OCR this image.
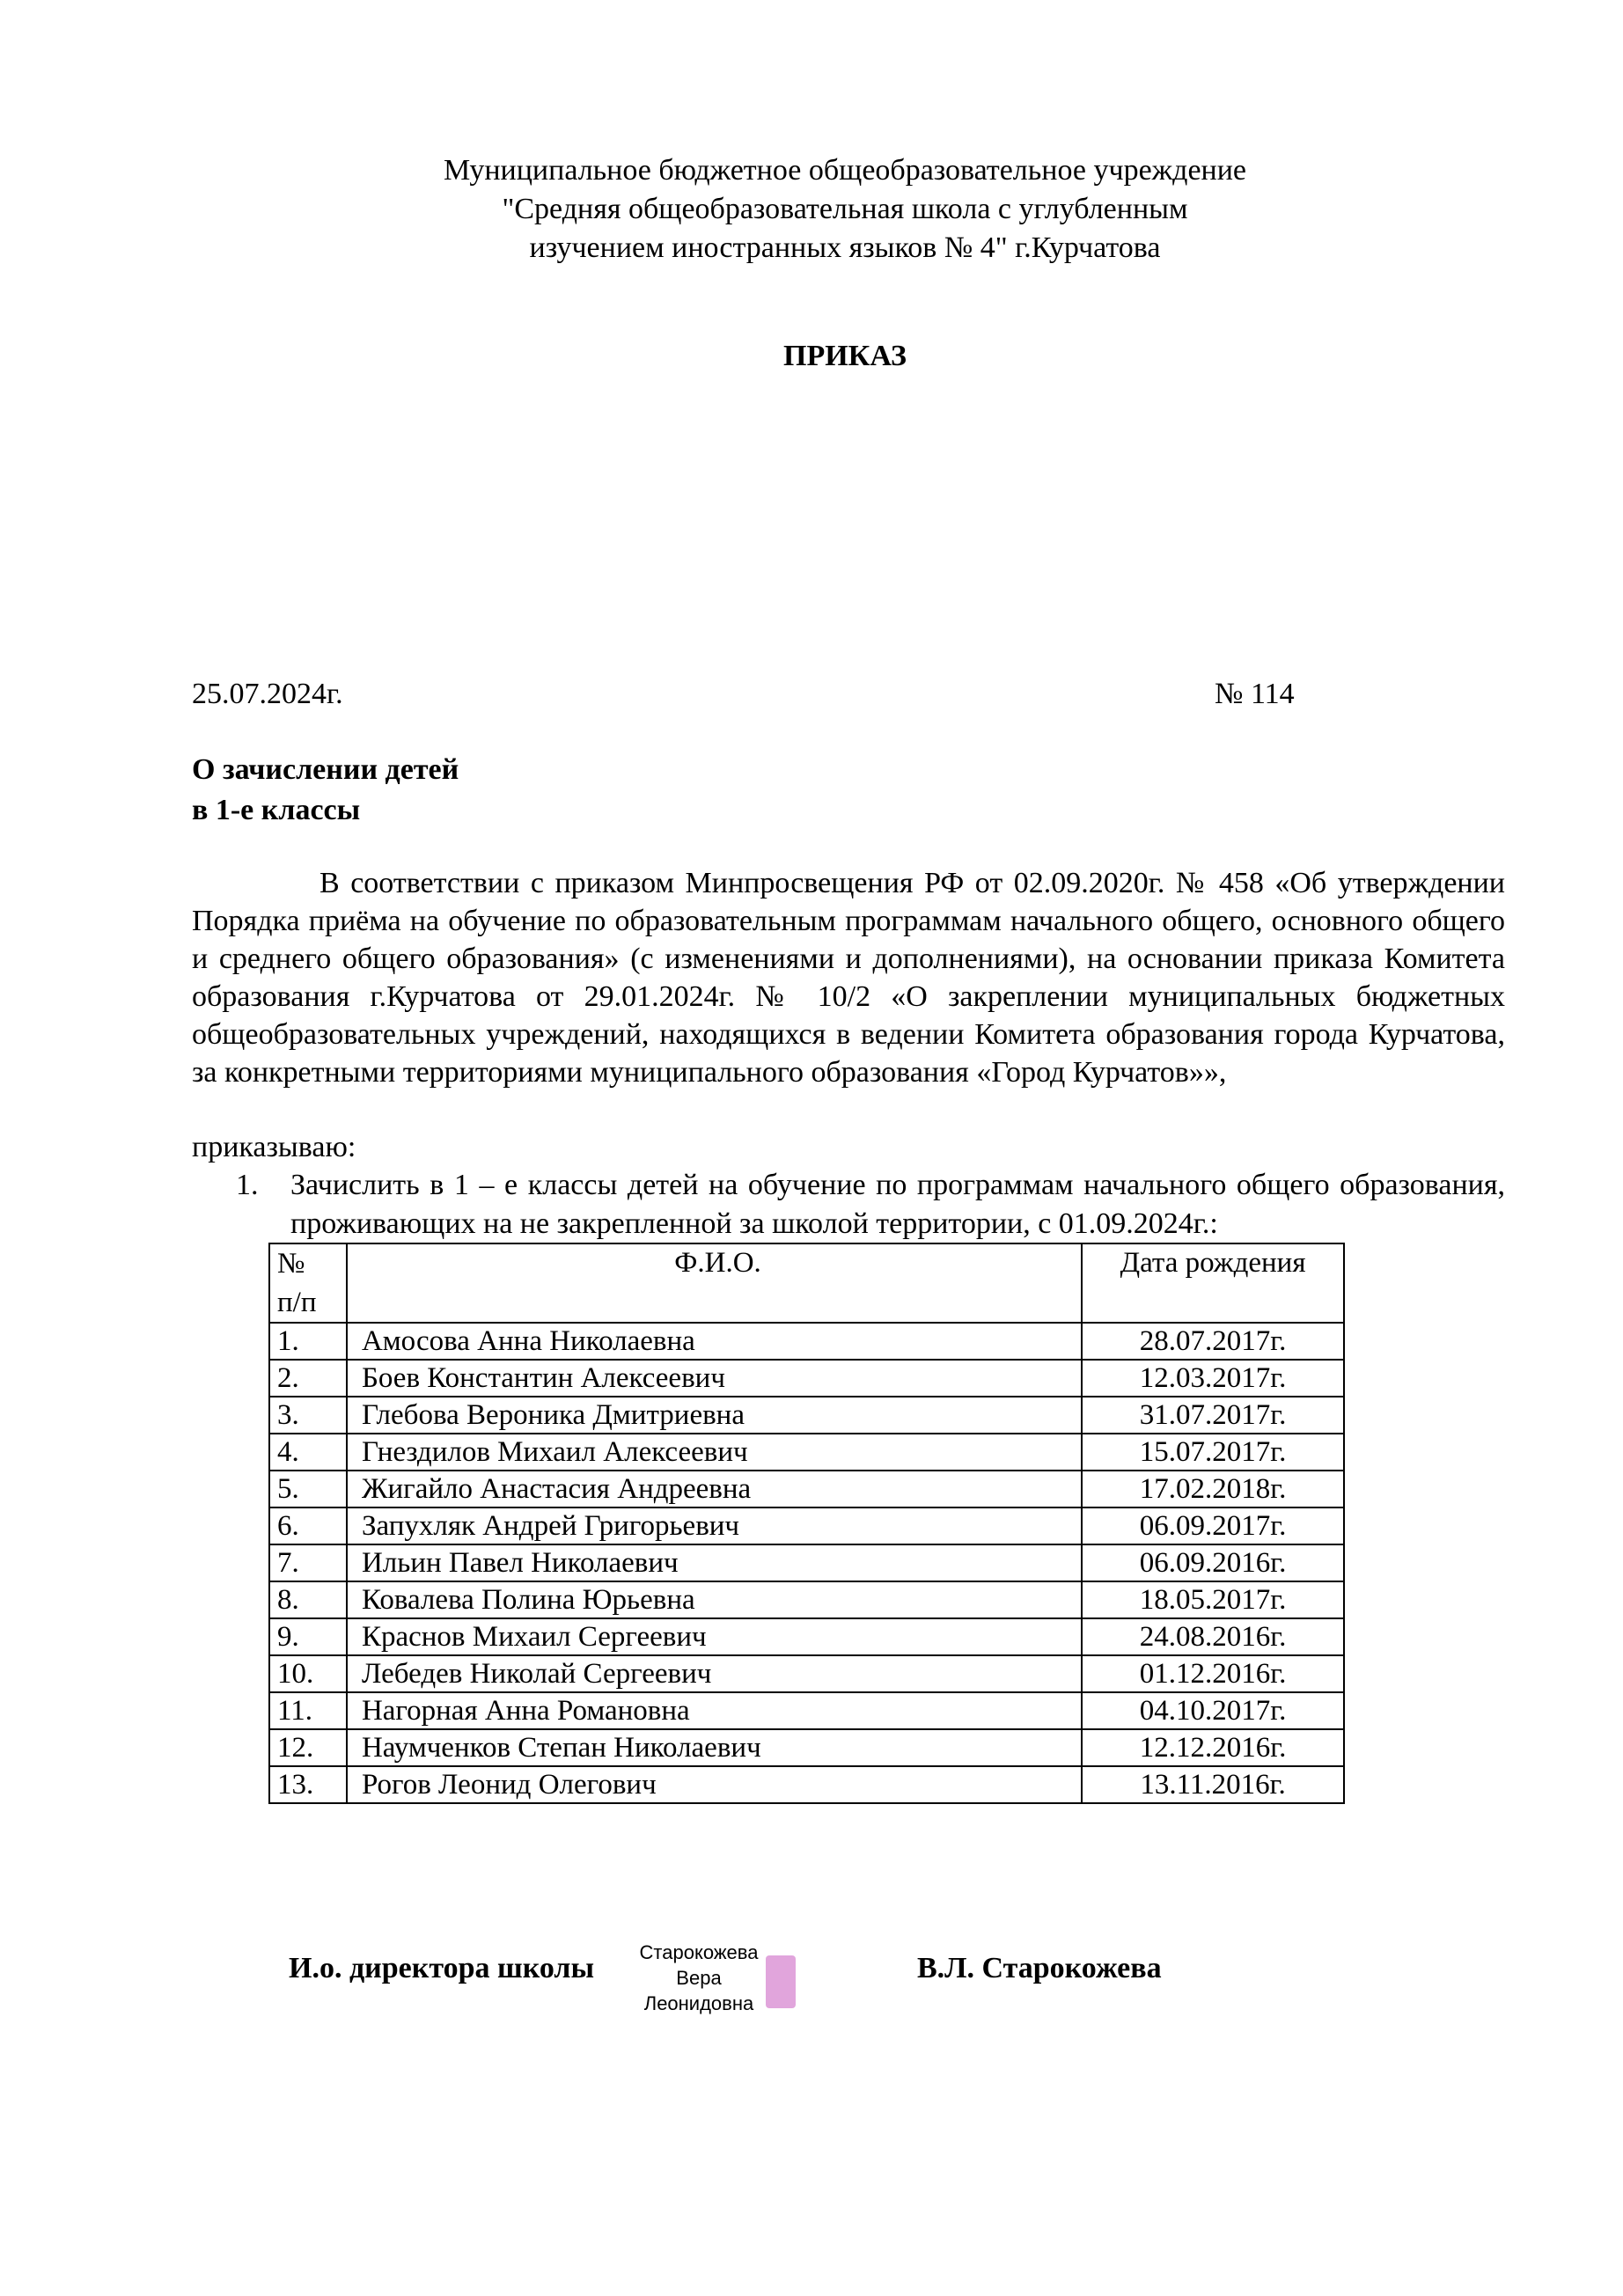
Муниципальное бюджетное общеобразовательное учреждение
"Средняя общеобразовательная школа с углубленным
изучением иностранных языков № 4" г.Курчатова
ПРИКАЗ
25.07.2024г.	№ 114
О зачислении детей
в 1-е классы
В соответствии с приказом Минпросвещения РФ от 02.09.2020г. № 458 «Об утверждении Порядка приёма на обучение по образовательным программам начального общего, основного общего и среднего общего образования» (с изменениями и дополнениями), на основании приказа Комитета образования г.Курчатова от 29.01.2024г. № 10/2 «О закреплении муниципальных бюджетных общеобразовательных учреждений, находящихся в ведении Комитета образования города Курчатова, за конкретными территориями муниципального образования «Город Курчатов»»,
приказываю:
1. Зачислить в 1 – е классы детей на обучение по программам начального общего образования, проживающих на не закрепленной за школой территории, с 01.09.2024г.:
№
п/п	Ф.И.О.	Дата рождения
1.	Амосова Анна Николаевна	28.07.2017г.
2.	Боев Константин Алексеевич	12.03.2017г.
3.	Глебова Вероника Дмитриевна	31.07.2017г.
4.	Гнездилов Михаил Алексеевич	15.07.2017г.
5.	Жигайло Анастасия Андреевна	17.02.2018г.
6.	Запухляк Андрей Григорьевич	06.09.2017г.
7.	Ильин Павел Николаевич	06.09.2016г.
8.	Ковалева Полина Юрьевна	18.05.2017г.
9.	Краснов Михаил Сергеевич	24.08.2016г.
10.	Лебедев Николай Сергеевич	01.12.2016г.
11.	Нагорная Анна Романовна	04.10.2017г.
12.	Наумченков Степан Николаевич	12.12.2016г.
13.	Рогов Леонид Олегович	13.11.2016г.
И.о. директора школы Старокожева
Вера
Леонидовна
В.Л. Старокожева
